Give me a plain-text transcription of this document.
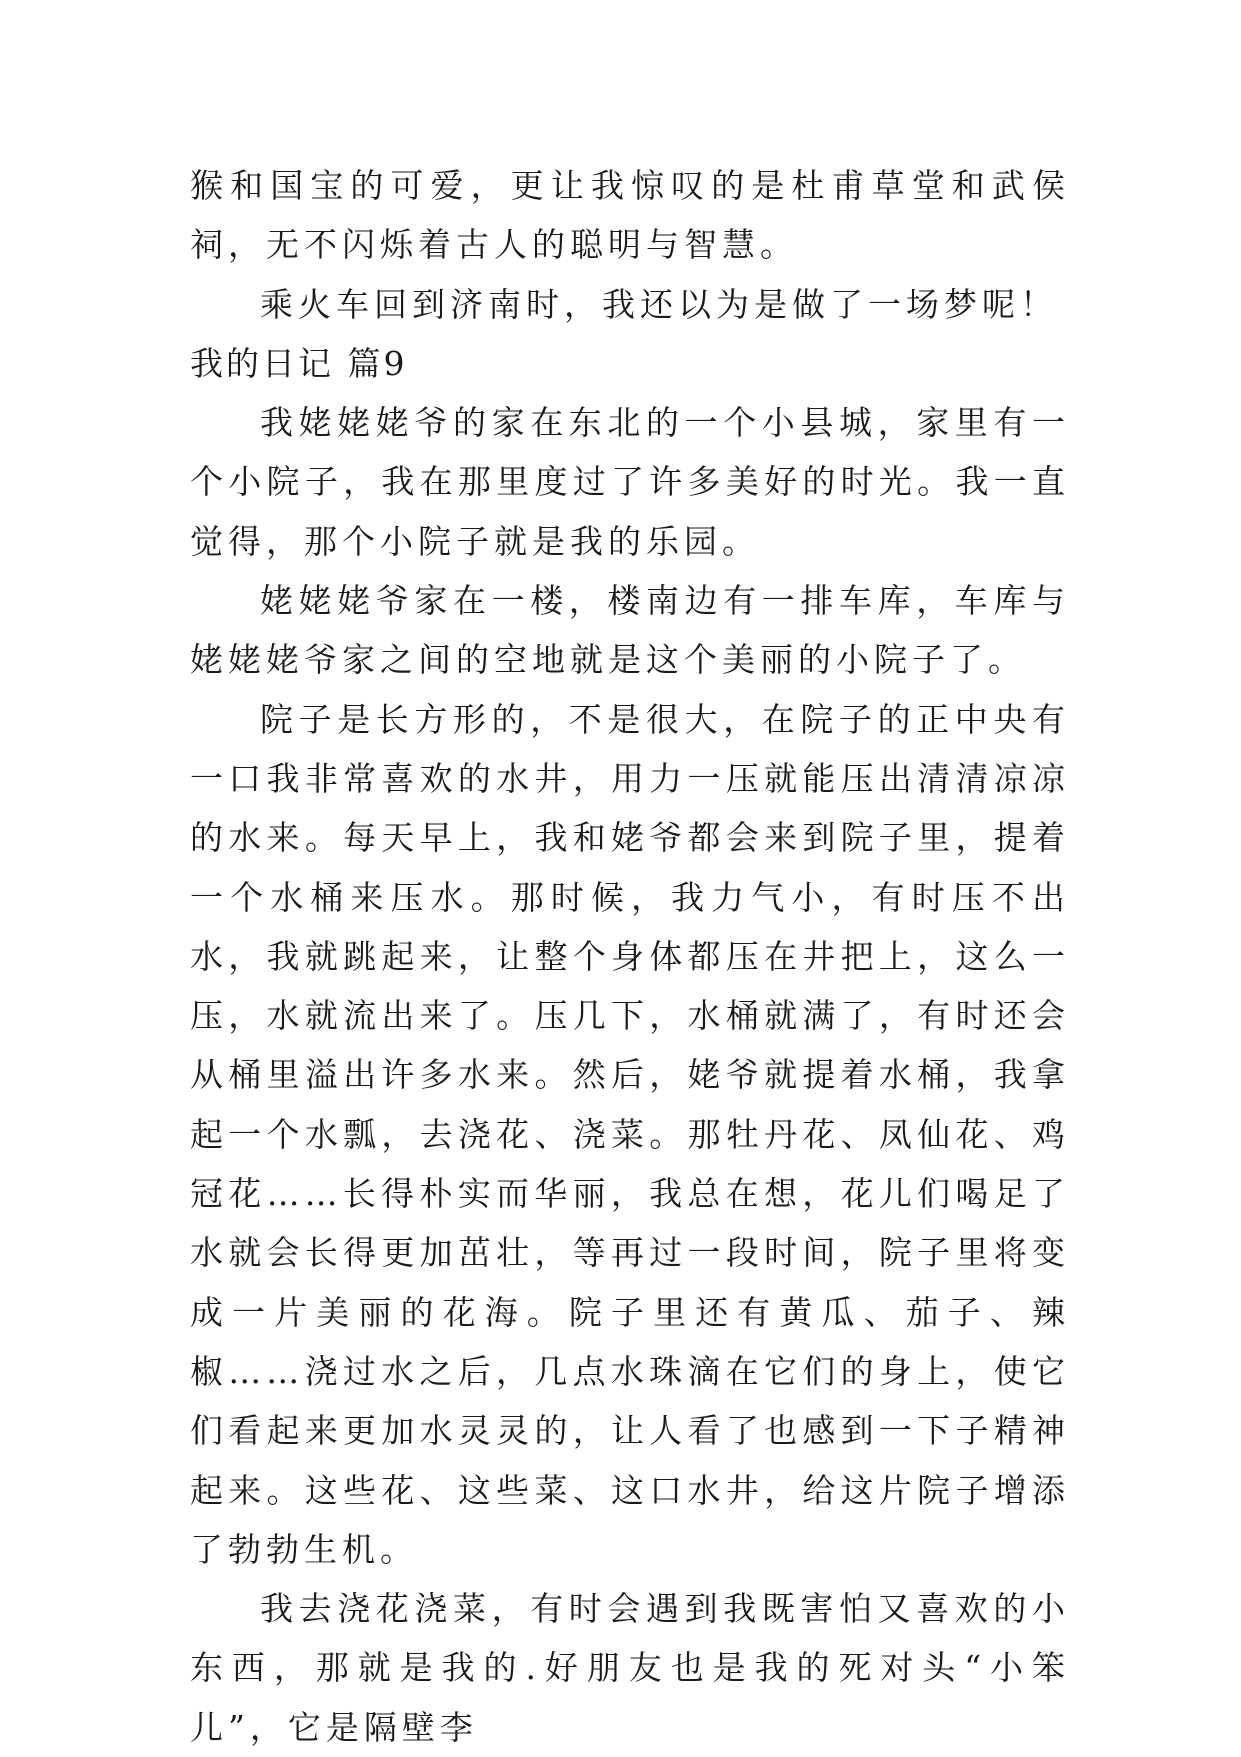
猴和国宝的可爱，更让我惊叹的是杜甫草堂和武侯祠，无不闪烁着古人的聪明与智慧。

乘火车回到济南时，我还以为是做了一场梦呢！

我的日记 篇9

我姥姥姥爷的家在东北的一个小县城，家里有一个小院子，我在那里度过了许多美好的时光。我一直觉得，那个小院子就是我的乐园。

姥姥姥爷家在一楼，楼南边有一排车库，车库与姥姥姥爷家之间的空地就是这个美丽的小院子了。

院子是长方形的，不是很大，在院子的正中央有一口我非常喜欢的水井，用力一压就能压出清清凉凉的水来。每天早上，我和姥爷都会来到院子里，提着一个水桶来压水。那时候，我力气小，有时压不出水，我就跳起来，让整个身体都压在井把上，这么一压，水就流出来了。压几下，水桶就满了，有时还会从桶里溢出许多水来。然后，姥爷就提着水桶，我拿起一个水瓢，去浇花、浇菜。那牡丹花、凤仙花、鸡冠花……长得朴实而华丽，我总在想，花儿们喝足了水就会长得更加茁壮，等再过一段时间，院子里将变成一片美丽的花海。院子里还有黄瓜、茄子、辣椒……浇过水之后，几点水珠滴在它们的身上，使它们看起来更加水灵灵的，让人看了也感到一下子精神起来。这些花、这些菜、这口水井，给这片院子增添了勃勃生机。

我去浇花浇菜，有时会遇到我既害怕又喜欢的小东西，那就是我的.好朋友也是我的死对头“小笨儿”，它是隔壁李
